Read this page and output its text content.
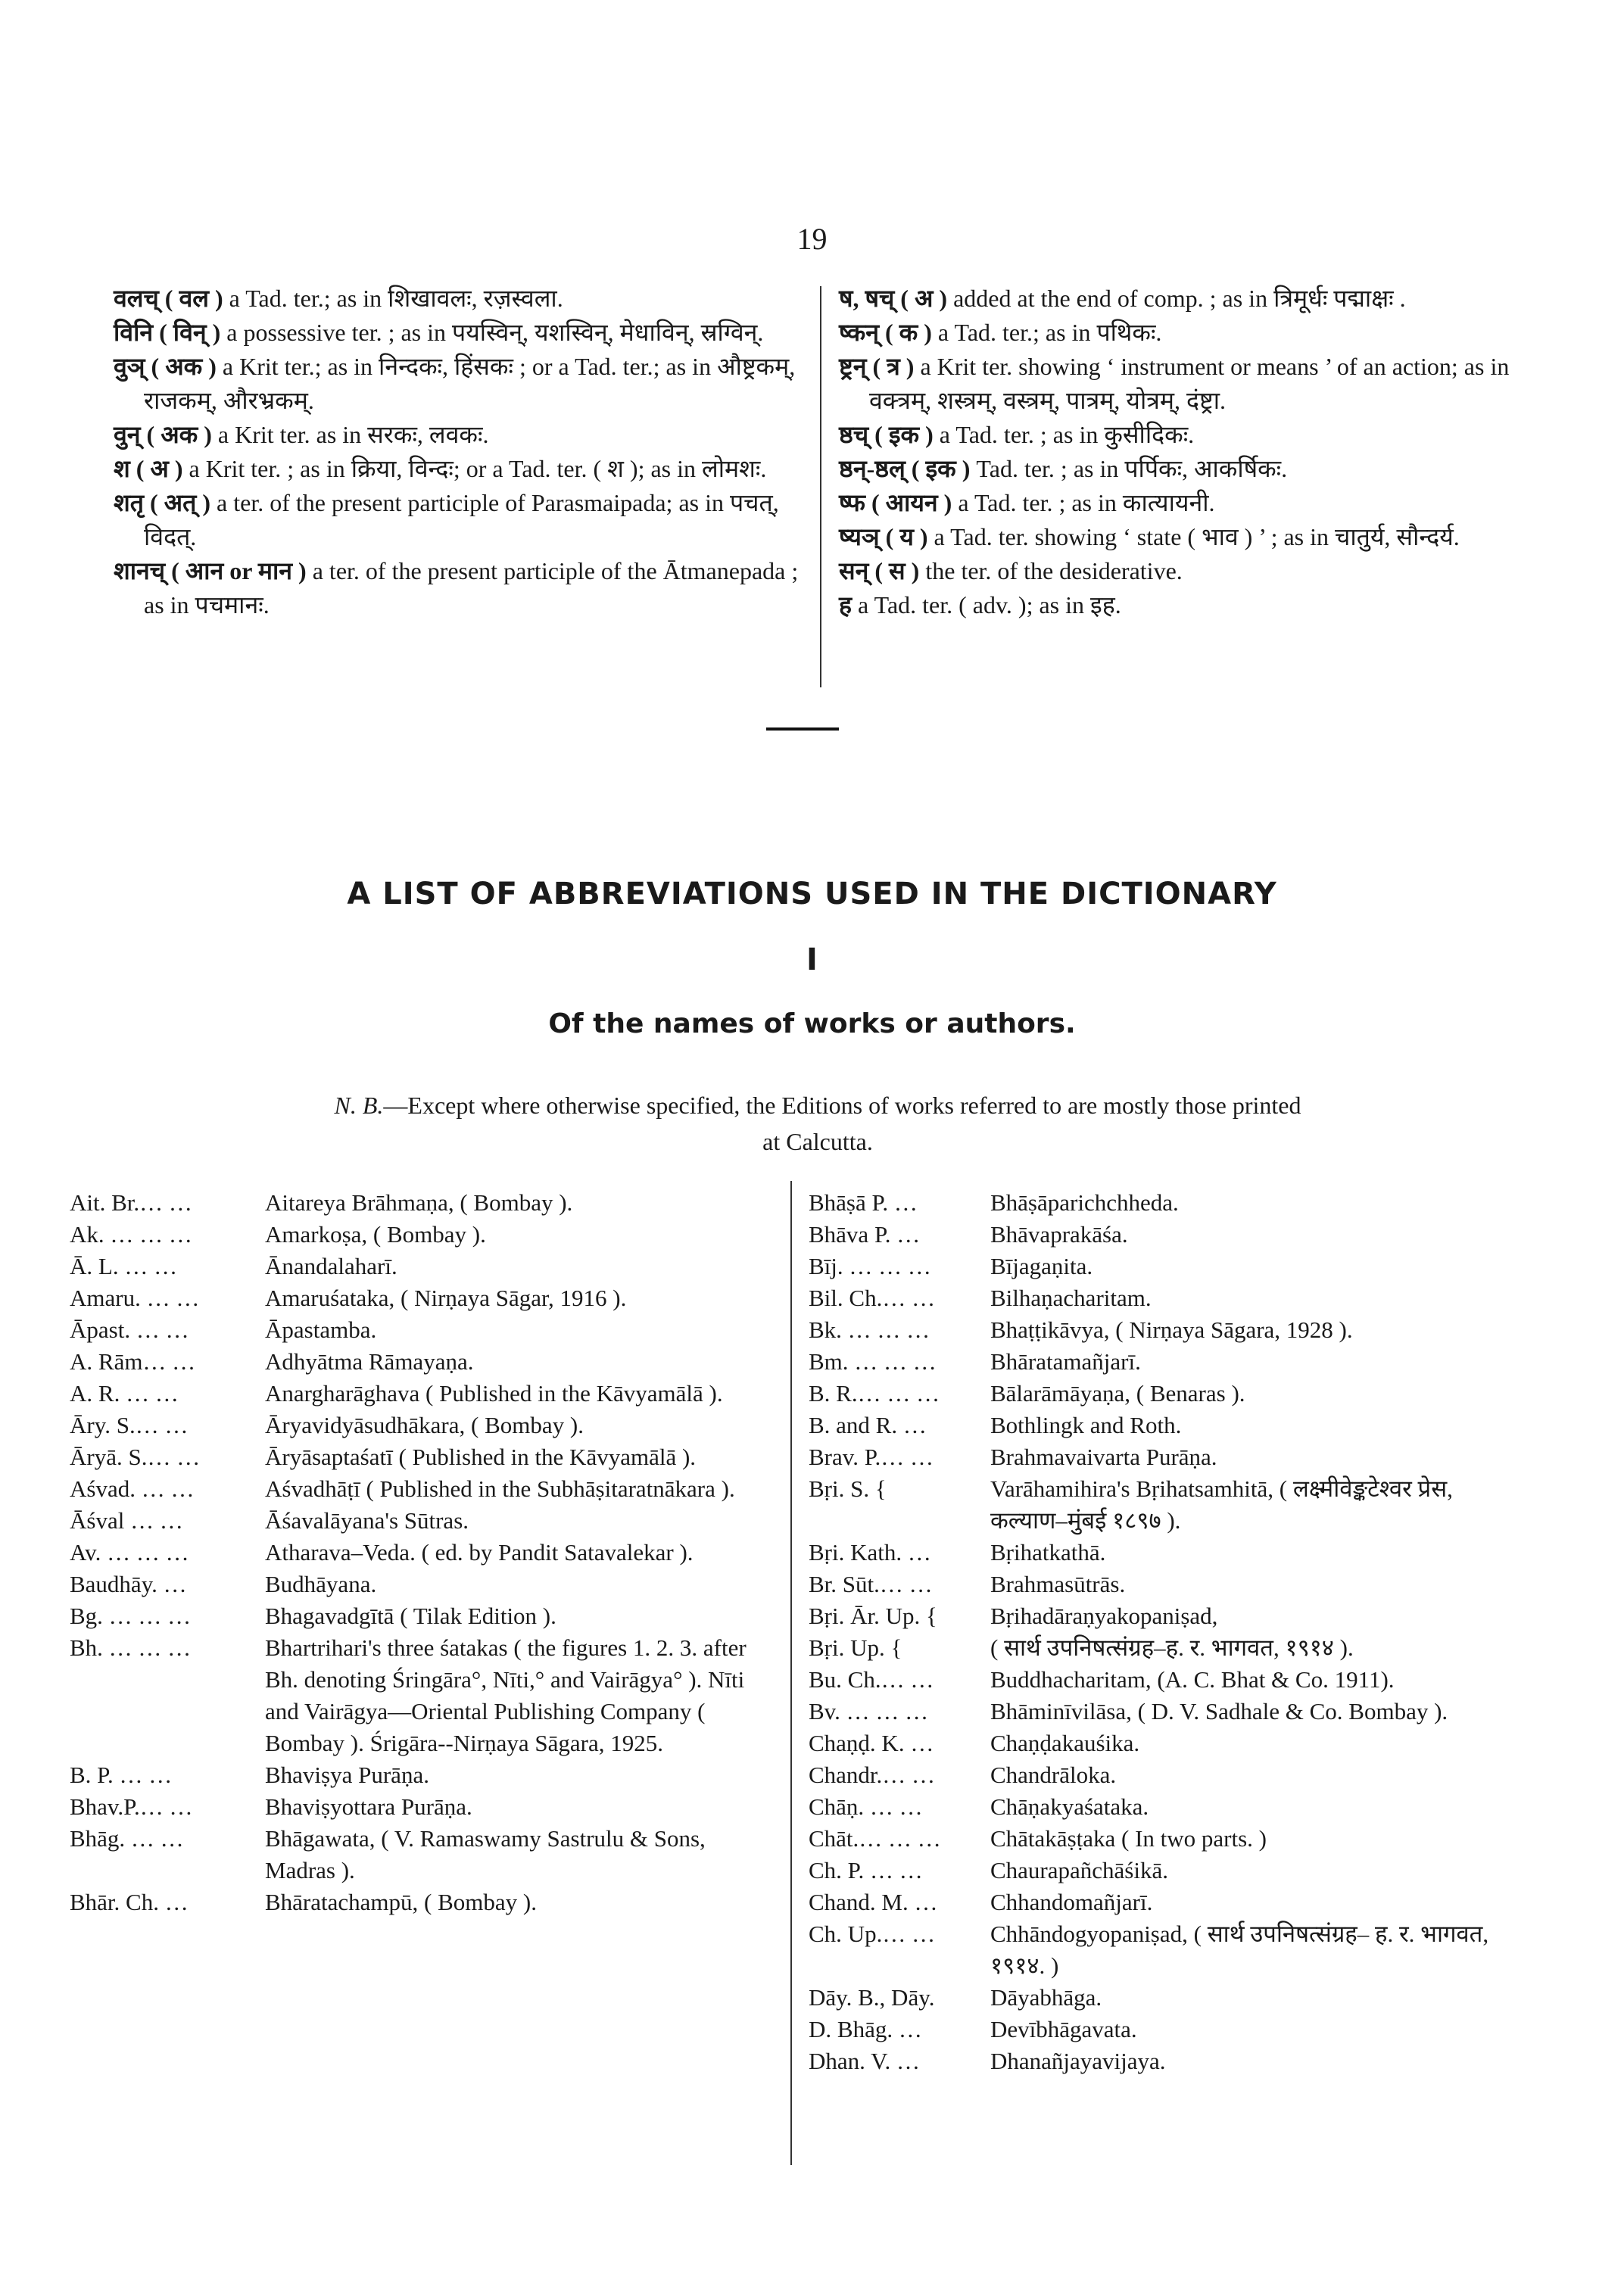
19

वलच् ( वल ) a Tad. ter.; as in शिखावलः, रज़स्वला.

विनि ( विन् ) a possessive ter. ; as in पयस्विन्, यशस्विन्, मेधाविन्, स्रग्विन्.

वुञ् ( अक ) a Krit ter.; as in निन्दकः, हिंसकः ; or a Tad. ter.; as in औष्ट्रकम्, राजकम्, औरभ्रकम्.

वुन् ( अक ) a Krit ter. as in सरकः, लवकः.

श ( अ ) a Krit ter. ; as in क्रिया, विन्दः; or a Tad. ter. ( श ); as in लोमशः.

शतृ ( अत् ) a ter. of the present participle of Parasmaipada; as in पचत्, विदत्.

शानच् ( आन or मान ) a ter. of the present participle of the Ātmanepada ; as in पचमानः.

ष, षच् ( अ ) added at the end of comp. ; as in त्रिमूर्धः पद्माक्षः .

ष्कन् ( क ) a Tad. ter.; as in पथिकः.

ष्ट्रन् ( त्र ) a Krit ter. showing ‘ instrument or means ’ of an action; as in वक्त्रम्, शस्त्रम्, वस्त्रम्, पात्रम्, योत्रम्, दंष्ट्रा.

ष्ठच् ( इक ) a Tad. ter. ; as in कुसीदिकः.

ष्ठन्-ष्ठल् ( इक ) Tad. ter. ; as in पर्पिकः, आकर्षिकः.

ष्फ ( आयन ) a Tad. ter. ; as in कात्यायनी.

ष्यञ् ( य ) a Tad. ter. showing ‘ state ( भाव ) ’ ; as in चातुर्य, सौन्दर्य.

सन् ( स ) the ter. of the desiderative.

ह a Tad. ter. ( adv. ); as in इह.

A LIST OF ABBREVIATIONS USED IN THE DICTIONARY
I
Of the names of works or authors.
N. B.—Except where otherwise specified, the Editions of works referred to are mostly those printed at Calcutta.
Ait. Br.… …	Aitareya Brāhmaṇa, ( Bombay ).
Ak. … … …	Amarkoṣa, ( Bombay ).
Ā. L. … …	Ānandalaharī.
Amaru. … …	Amaruśataka, ( Nirṇaya Sāgar, 1916 ).
Āpast. … …	Āpastamba.
A. Rām… …	Adhyātma Rāmayaṇa.
A. R. … …	Anargharāghava ( Published in the Kāvyamālā ).
Āry. S.… …	Āryavidyāsudhākara, ( Bombay ).
Āryā. S.… …	Āryāsaptaśatī ( Published in the Kāvyamālā ).
Aśvad. … …	Aśvadhāṭī ( Published in the Subhāṣitaratnākara ).
Āśval … …	Āśavalāyana's Sūtras.
Av. … … …	Atharava–Veda. ( ed. by Pandit Satavalekar ).
Baudhāy. …	Budhāyana.
Bg. … … …	Bhagavadgītā ( Tilak Edition ).
Bh. … … …	Bhartrihari's three śatakas ( the figures 1. 2. 3. after Bh. denoting Śringāra°, Nīti,° and Vairāgya° ). Nīti and Vairāgya—Oriental Publishing Company ( Bombay ). Śrigāra--Nirṇaya Sāgara, 1925.
B. P. … …	Bhaviṣya Purāṇa.
Bhav.P.… …	Bhaviṣyottara Purāṇa.
Bhāg. … …	Bhāgawata, ( V. Ramaswamy Sastrulu & Sons, Madras ).
Bhār. Ch. …	Bhāratachampū, ( Bombay ).
Bhāṣā P. …	Bhāṣāparichchheda.
Bhāva P. …	Bhāvaprakāśa.
Bīj. … … …	Bījagaṇita.
Bil. Ch.… …	Bilhaṇacharitam.
Bk. … … …	Bhaṭṭikāvya, ( Nirṇaya Sāgara, 1928 ).
Bm. … … …	Bhāratamañjarī.
B. R.… … …	Bālarāmāyaṇa, ( Benaras ).
B. and R. …	Bothlingk and Roth.
Brav. P.… …	Brahmavaivarta Purāṇa.
Bṛi. S. {	Varāhamihira's Bṛihatsamhitā, ( लक्ष्मीवेङ्कटेश्वर प्रेस, कल्याण–मुंबई १८९७ ).
Bṛi. Kath. …	Bṛihatkathā.
Br. Sūt.… …	Brahmasūtrās.
Bṛi. Ār. Up. {	Bṛihadāraṇyakopaniṣad,
Bṛi. Up. {	( सार्थ उपनिषत्संग्रह–ह. र. भागवत, १९१४ ).
Bu. Ch.… …	Buddhacharitam, (A. C. Bhat & Co. 1911).
Bv. … … …	Bhāminīvilāsa, ( D. V. Sadhale & Co. Bombay ).
Chaṇḍ. K. …	Chaṇḍakauśika.
Chandr.… …	Chandrāloka.
Chāṇ. … …	Chāṇakyaśataka.
Chāt.… … …	Chātakāṣṭaka ( In two parts. )
Ch. P. … …	Chaurapañchāśikā.
Chand. M. …	Chhandomañjarī.
Ch. Up.… …	Chhāndogyopaniṣad, ( सार्थ उपनिषत्संग्रह– ह. र. भागवत, १९१४. )
Dāy. B., Dāy.	Dāyabhāga.
D. Bhāg. …	Devībhāgavata.
Dhan. V. …	Dhanañjayavijaya.
